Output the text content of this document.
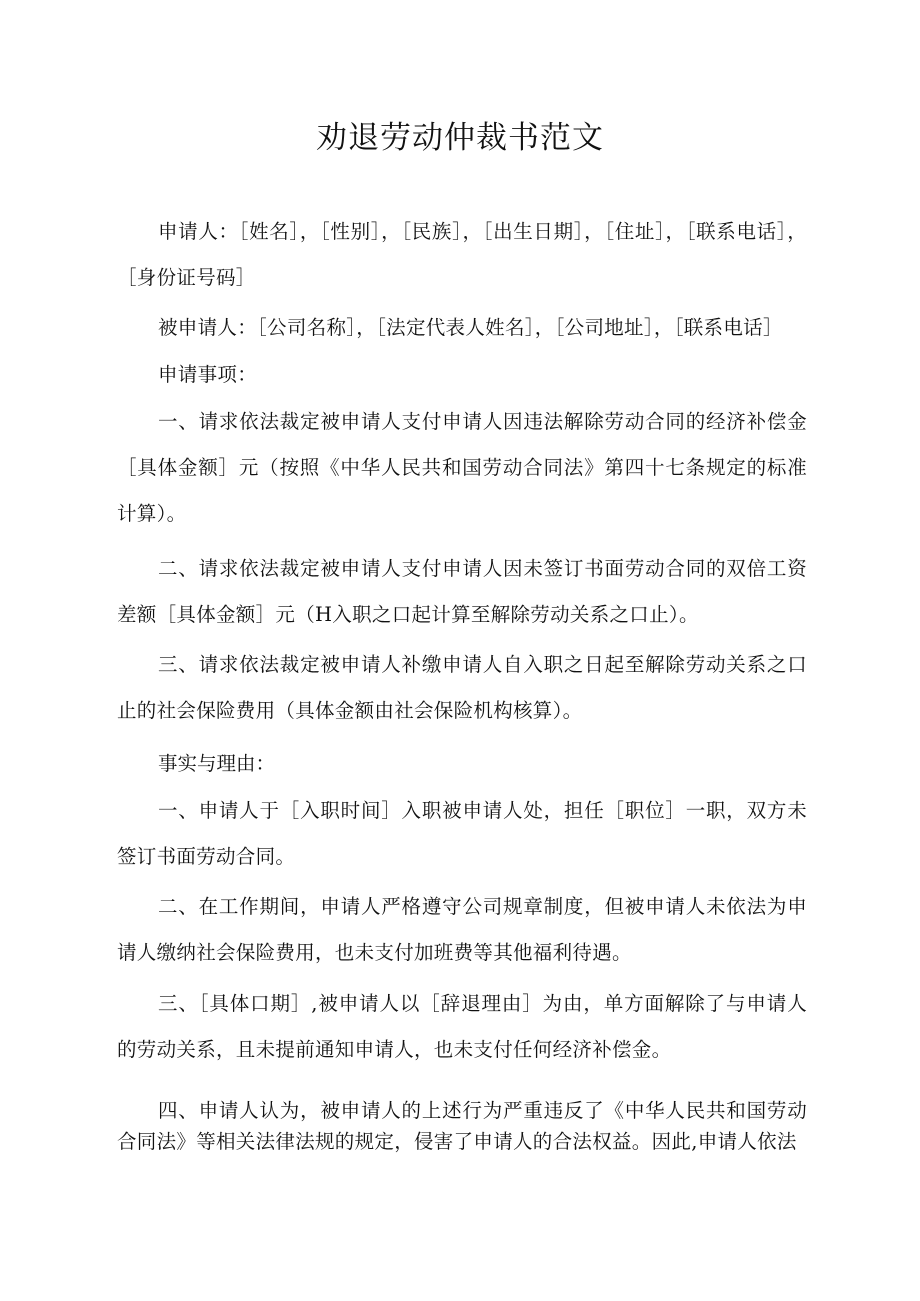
劝退劳动仲裁书范文

申请人：［姓名］，［性别］，［民族］，［出生日期］，［住址］，［联系电话］，［身份证号码］

被申请人：［公司名称］，［法定代表人姓名］，［公司地址］，［联系电话］

申请事项：

一、请求依法裁定被申请人支付申请人因违法解除劳动合同的经济补偿金［具体金额］元（按照《中华人民共和国劳动合同法》第四十七条规定的标准计算）。

二、请求依法裁定被申请人支付申请人因未签订书面劳动合同的双倍工资差额［具体金额］元（H入职之口起计算至解除劳动关系之口止）。

三、请求依法裁定被申请人补缴申请人自入职之日起至解除劳动关系之口止的社会保险费用（具体金额由社会保险机构核算）。

事实与理由：

一、申请人于［入职时间］入职被申请人处，担任［职位］一职，双方未签订书面劳动合同。

二、在工作期间，申请人严格遵守公司规章制度，但被申请人未依法为申请人缴纳社会保险费用，也未支付加班费等其他福利待遇。

三、［具体口期］,被申请人以［辞退理由］为由，单方面解除了与申请人的劳动关系，且未提前通知申请人，也未支付任何经济补偿金。

四、申请人认为，被申请人的上述行为严重违反了《中华人民共和国劳动合同法》等相关法律法规的规定，侵害了申请人的合法权益。因此,申请人依法
